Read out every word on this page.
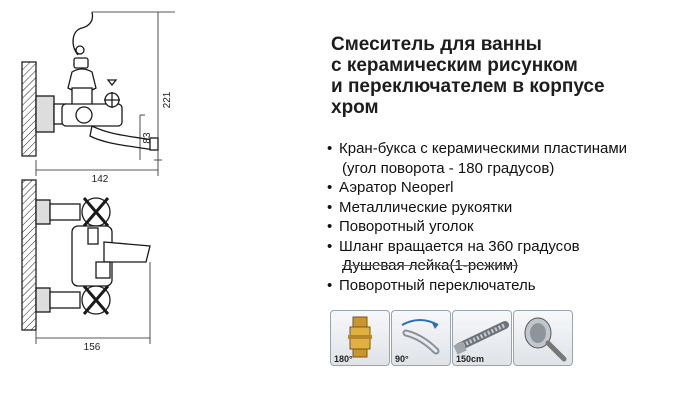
221
83
142
156
Смеситель для ванны
с керамическим рисунком
и переключателем в корпусе
хром
• Кран-букса с керамическими пластинами
(угол поворота - 180 градусов)
• Аэратор Neoperl
• Металлические рукоятки
• Поворотный уголок
• Шланг вращается на 360 градусов
Душевая лейка(1-режим)
• Поворотный переключатель
180°	90°	150cm
